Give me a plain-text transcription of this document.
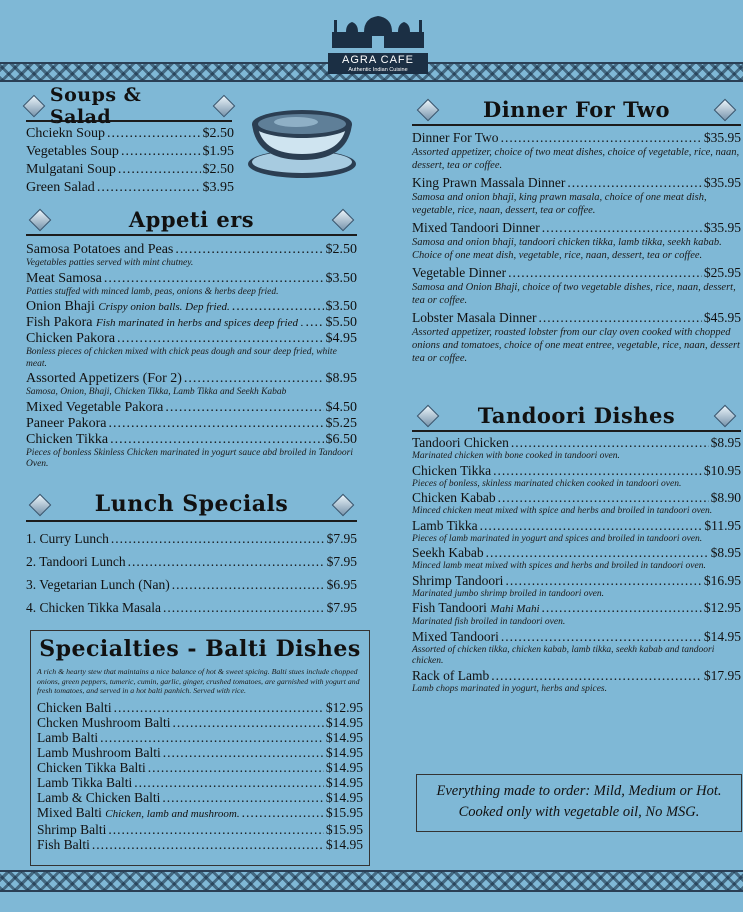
AGRA CAFE
Authentic Indian Cuisine
Soups & Salad
Chciekn Soup .....	$2.50
Vegetables Soup .....	$1.95
Mulgatani Soup .....	$2.50
Green Salad .....	$3.95
Appeti ers
Samosa Potatoes and Peas .....	$2.50
Vegetables patties served with mint chutney.
Meat Samosa .....	$3.50
Patties stuffed with minced lamb, peas, onions & herbs deep fried.
Onion Bhaji Crispy onion balls. Dep fried. .....	$3.50
Fish Pakora Fish marinated in herbs and spices deep fried . ..... $5.50
Chicken Pakora .....	$4.95
Bonless pieces of chicken mixed with chick peas dough and sour deep fried, white meat.
Assorted Appetizers (For 2) .....	$8.95
Samosa, Onion, Bhaji, Chicken Tikka, Lamb Tikka and Seekh Kabab
Mixed Vegetable Pakora .....	$4.50
Paneer Pakora .....	$5.25
Chicken Tikka .....	$6.50
Pieces of bonless Skinless Chicken marinated in yogurt sauce abd broiled in Tandoori Oven.
Lunch Specials
1. Curry Lunch .....	$7.95
2. Tandoori Lunch .....	$7.95
3. Vegetarian Lunch (Nan) .....	$6.95
4. Chicken Tikka Masala .....	$7.95
Specialties - Balti Dishes
A rich & hearty stew that maintains a nice balance of hot & sweet spicing. Balti stues include chopped onions, green peppers, tumeric, cumin, garlic, ginger, crushed tomatoes, are garnished with yogurt and fresh tomatoes, and served in a hot balti panhich. Served with rice.
Chicken Balti .....	$12.95
Chcken Mushroom Balti .....	$14.95
Lamb Balti .....	$14.95
Lamb Mushroom Balti .....	$14.95
Chicken Tikka Balti .....	$14.95
Lamb Tikka Balti .....	$14.95
Lamb & Chicken Balti .....	$14.95
Mixed Balti Chicken, lamb and mushroom. .....	$15.95
Shrimp Balti .....	$15.95
Fish Balti .....	$14.95
Dinner For Two
Dinner For Two .....	$35.95
Assorted appetizer, choice of two meat dishes, choice of vegetable, rice, naan, dessert, tea or coffee.
King Prawn Massala Dinner .....	$35.95
Samosa and onion bhaji, king prawn masala, choice of one meat dish, vegetable, rice, naan, dessert, tea or coffee.
Mixed Tandoori Dinner .....	$35.95
Samosa and onion bhaji, tandoori chicken tikka, lamb tikka, seekh kabab. Choice of one meat dish, vegetable, rice, naan, dessert, tea or coffee.
Vegetable Dinner .....	$25.95
Samosa and Onion Bhaji, choice of two vegetable dishes, rice, naan, dessert, tea or coffee.
Lobster Masala Dinner .....	$45.95
Assorted appetizer, roasted lobster from our clay oven cooked with chopped onions and tomatoes, choice of one meat entree, vegetable, rice, naan, dessert tea or coffee.
Tandoori Dishes
Tandoori Chicken .....	$8.95
Marinated chicken with bone cooked in tandoori oven.
Chicken Tikka .....	$10.95
Pieces of bonless, skinless marinated chicken cooked in tandoori oven.
Chicken Kabab .....	$8.90
Minced chicken meat mixed with spice and herbs and broiled in tandoori oven.
Lamb Tikka .....	$11.95
Pieces of lamb marinated in yogurt and spices and broiled in tandoori oven.
Seekh Kabab .....	$8.95
Minced lamb meat mixed with spices and herbs and broiled in tandoori oven.
Shrimp Tandoori .....	$16.95
Marinated jumbo shrimp broiled in tandoori oven.
Fish Tandoori Mahi Mahi .....	$12.95
Marinated fish broiled in tandoori oven.
Mixed Tandoori .....	$14.95
Assorted of chicken tikka, chicken kabab, lamb tikka, seekh kabab and tandoori chicken.
Rack of Lamb .....	$17.95
Lamb chops marinated in yogurt, herbs and spices.
Everything made to order: Mild, Medium or Hot.
Cooked only with vegetable oil, No MSG.
